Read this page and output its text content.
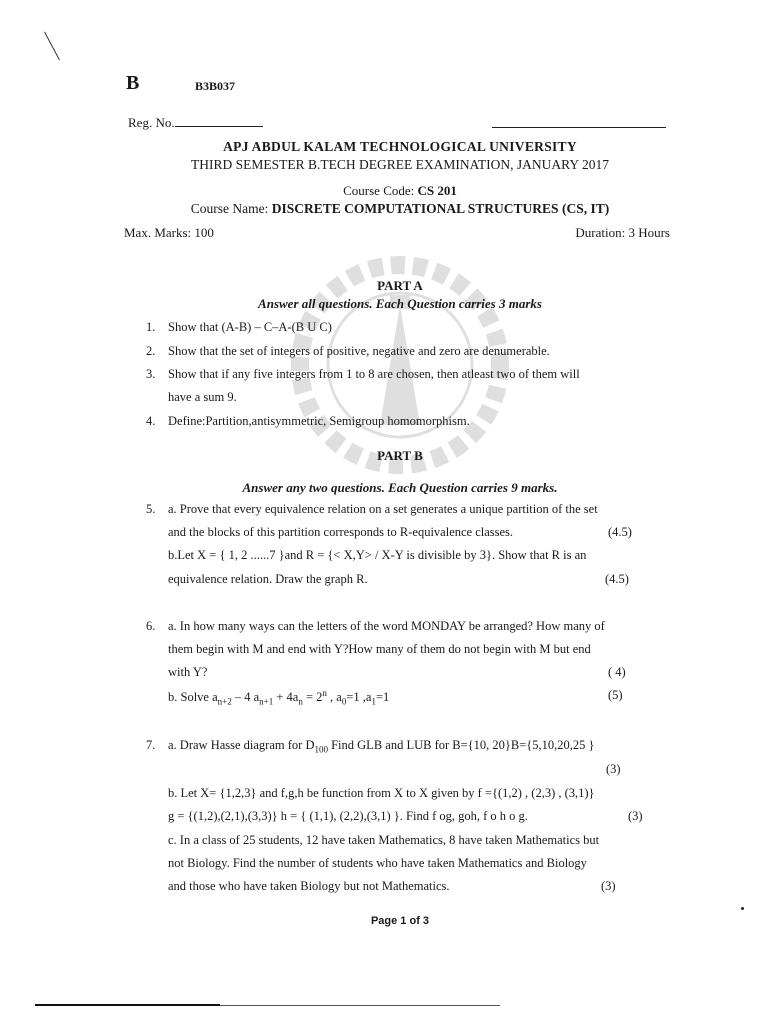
B	B3B037
Reg. No.
APJ ABDUL KALAM TECHNOLOGICAL UNIVERSITY
THIRD SEMESTER B.TECH DEGREE EXAMINATION, JANUARY 2017
Course Code: CS 201
Course Name: DISCRETE COMPUTATIONAL STRUCTURES (CS, IT)
Max. Marks: 100	Duration: 3 Hours
PART A
Answer all questions. Each Question carries 3 marks
1. Show that (A-B) – C–A-(B U C)
2. Show that the set of integers of positive, negative and zero are denumerable.
3. Show that if any five integers from 1 to 8 are chosen, then atleast two of them will
have a sum 9.
4. Define:Partition,antisymmetric, Semigroup homomorphism.
PART B
Answer any two questions. Each Question carries 9 marks.
5. a. Prove that every equivalence relation on a set generates a unique partition of the set
and the blocks of this partition corresponds to R-equivalence classes.	(4.5)
b.Let X = { 1, 2 ......7 }and R = {< X,Y> / X-Y is divisible by 3}. Show that R is an
equivalence relation. Draw the graph R.	(4.5)
6. a. In how many ways can the letters of the word MONDAY be arranged? How many of
them begin with M and end with Y?How many of them do not begin with M but end
with Y?	( 4)
b. Solve $a_{n+2} - 4$ $a_{n+1} + 4a_n = 2^n$ , $a_0=1$ $,a_1=1$	(5)
7. a. Draw Hasse diagram for $D_{100}$ Find GLB and LUB for B={10, 20}B={5,10,20,25 }
(3)
b. Let X= {1,2,3} and f,g,h be function from X to X given by f ={(1,2) , (2,3) , (3,1)}
g = {(1,2),(2,1),(3,3)} h = { (1,1), (2,2),(3,1) }. Find f og, goh, f o h o g.	(3)
c. In a class of 25 students, 12 have taken Mathematics, 8 have taken Mathematics but
not Biology. Find the number of students who have taken Mathematics and Biology
and those who have taken Biology but not Mathematics.	(3)
Page 1 of 3
